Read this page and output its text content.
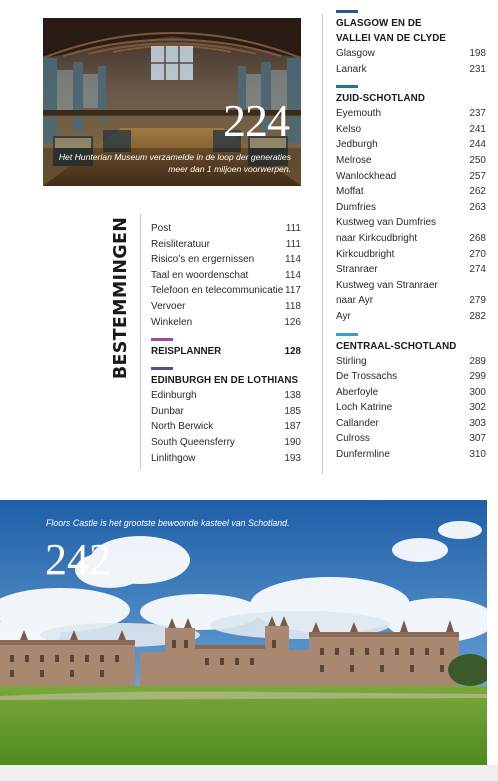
224
Het Hunterian Museum verzamelde in de loop der generaties meer dan 1 miljoen voorwerpen.
BESTEMMINGEN Post	111
Reisliteratuur	111
Risico’s en ergernissen	114
Taal en woordenschat	114
Telefoon en telecommunicatie 117
Vervoer	118
Winkelen	126
REISPLANNER	128
EDINBURGH EN DE LOTHIANS
Edinburgh	138
Dunbar	185
North Berwick	187
South Queensferry	190
Linlithgow	193
GLASGOW EN DE
VALLEI VAN DE CLYDE
Glasgow	198
Lanark	231
ZUID-SCHOTLAND
Eyemouth	237
Kelso	241
Jedburgh	244
Melrose	250
Wanlockhead	257
Moffat	262
Dumfries	263
Kustweg van Dumfries
naar Kirkcudbright	268
Kirkcudbright	270
Stranraer	274
Kustweg van Stranraer
naar Ayr	279
Ayr	282
CENTRAAL-SCHOTLAND
Stirling	289
De Trossachs	299
Aberfoyle	300
Loch Katrine	302
Callander	303
Culross	307
Dunfermline	310
Floors Castle is het grootste bewoonde kasteel van Schotland.
242
